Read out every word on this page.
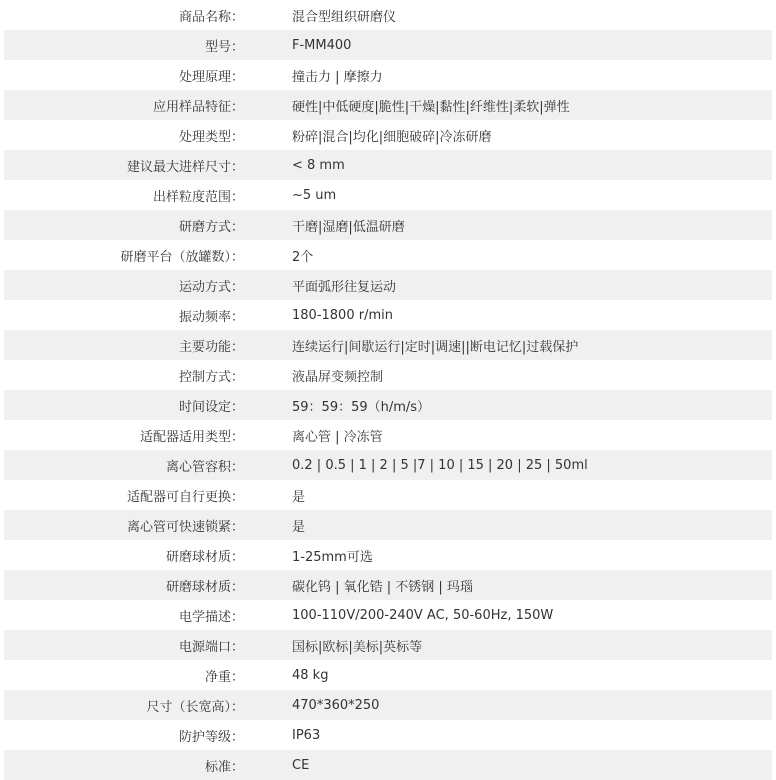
商品名称：		混合型组织研磨仪
型号：		F-MM400
处理原理：		撞击力 | 摩擦力
应用样品特征：		硬性|中低硬度|脆性|干燥|黏性|纤维性|柔软|弹性
处理类型：		粉碎|混合|均化|细胞破碎|冷冻研磨
建议最大进样尺寸：		< 8 mm
出样粒度范围：		~5 um
研磨方式：		干磨|湿磨|低温研磨
研磨平台（放罐数）：		2个
运动方式：		平面弧形往复运动
振动频率：		180-1800 r/min
主要功能：		连续运行|间歇运行|定时|调速||断电记忆|过载保护
控制方式：		液晶屏变频控制
时间设定：		59：59：59（h/m/s）
适配器适用类型：		离心管 | 冷冻管
离心管容积：		0.2 | 0.5 | 1 | 2 | 5 |7 | 10 | 15 | 20 | 25 | 50ml
适配器可自行更换：		是
离心管可快速锁紧：		是
研磨球材质：		1-25mm可选
研磨球材质：		碳化钨 | 氧化锆 | 不锈钢 | 玛瑙
电学描述：		100-110V/200-240V AC, 50-60Hz, 150W
电源端口：		国标|欧标|美标|英标等
净重：		48 kg
尺寸（长宽高）：		470*360*250
防护等级：		IP63
标准：		CE
